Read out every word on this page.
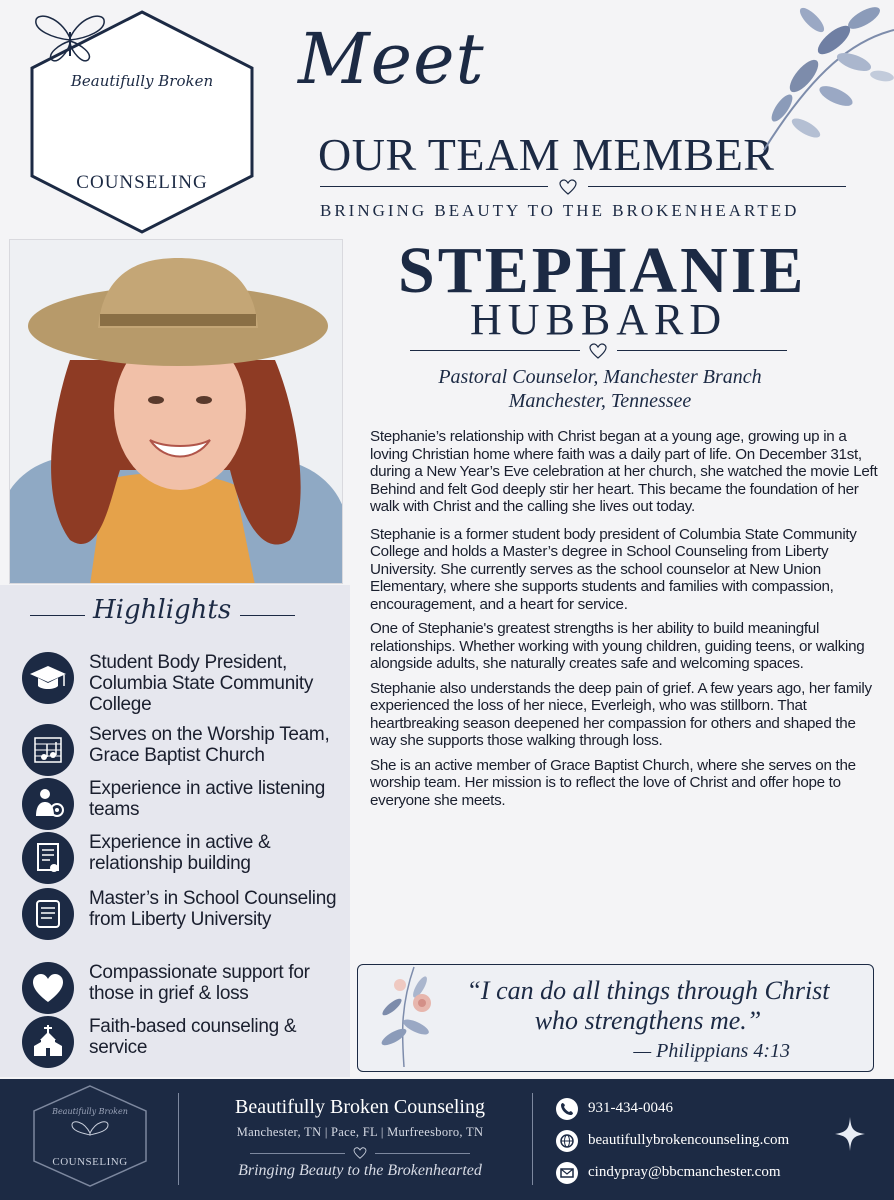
Beautifully Broken
COUNSELING
Meet
OUR TEAM MEMBER
BRINGING BEAUTY TO THE BROKENHEARTED
STEPHANIE
HUBBARD
Pastoral Counselor, Manchester Branch
Manchester, Tennessee

Stephanie’s relationship with Christ began at a young age, growing up in a loving Christian home where faith was a daily part of life. On December 31st, during a New Year’s Eve celebration at her church, she watched the movie Left Behind and felt God deeply stir her heart. This became the foundation of her walk with Christ and the calling she lives out today.

Stephanie is a former student body president of Columbia State Community College and holds a Master’s degree in School Counseling from Liberty University. She currently serves as the school counselor at New Union Elementary, where she supports students and families with compassion, encouragement, and a heart for service.

One of Stephanie's greatest strengths is her ability to build meaningful relationships. Whether working with young children, guiding teens, or walking alongside adults, she naturally creates safe and welcoming spaces.

Stephanie also understands the deep pain of grief. A few years ago, her family experienced the loss of her niece, Everleigh, who was stillborn. That heartbreaking season deepened her compassion for others and shaped the way she supports those walking through loss.

She is an active member of Grace Baptist Church, where she serves on the worship team. Her mission is to reflect the love of Christ and offer hope to everyone she meets.

Highlights
Student Body President, Columbia State Community College
Serves on the Worship Team, Grace Baptist Church
Experience in active listening teams
Experience in active & relationship building
Master’s in School Counseling from Liberty University
Compassionate support for those in grief & loss
Faith-based counseling & service
“I can do all things through Christ
who strengthens me.”
— Philippians 4:13
Beautifully Broken
COUNSELING
Beautifully Broken Counseling
Manchester, TN | Pace, FL | Murfreesboro, TN
Bringing Beauty to the Brokenhearted
931-434-0046
beautifullybrokencounseling.com
cindypray@bbcmanchester.com
